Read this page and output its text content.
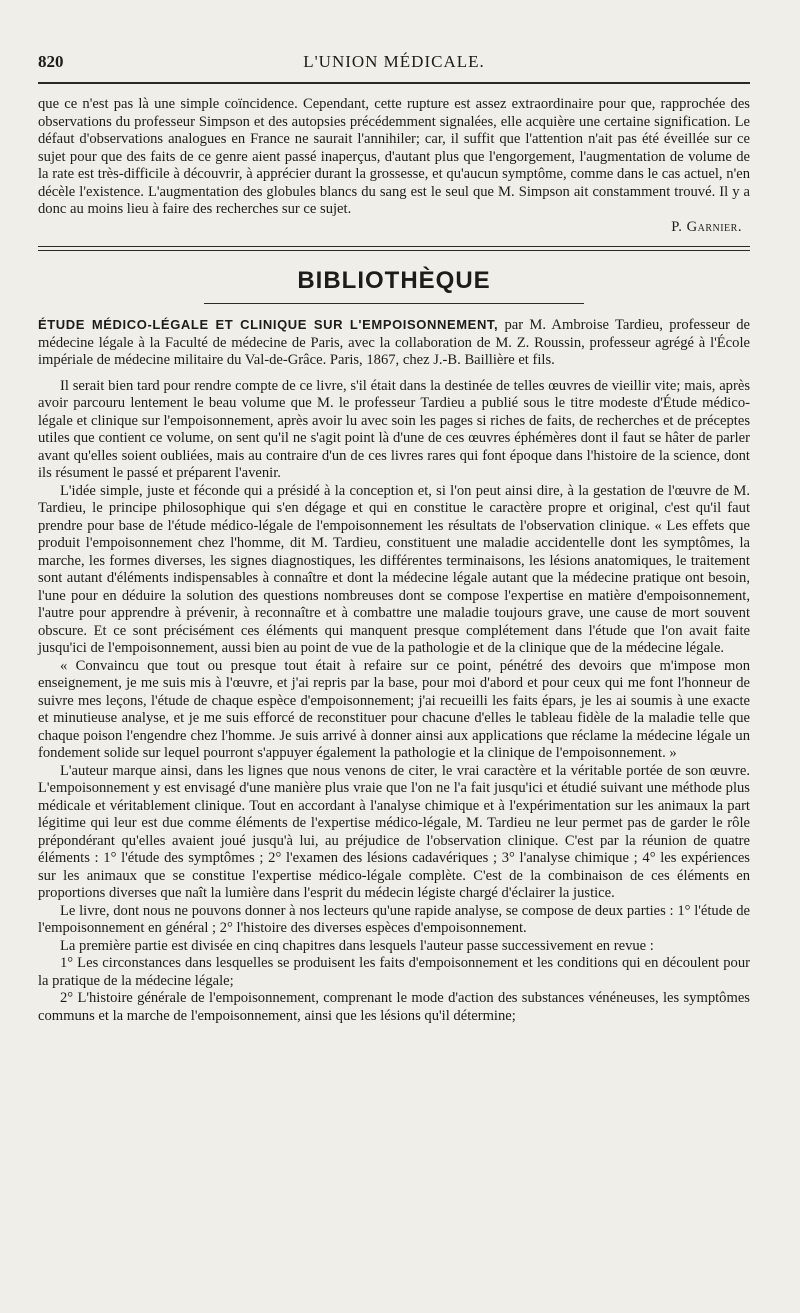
L'UNION MÉDICALE.
820

que ce n'est pas là une simple coïncidence. Cependant, cette rupture est assez extraordinaire pour que, rapprochée des observations du professeur Simpson et des autopsies précédemment signalées, elle acquière une certaine signification. Le défaut d'observations analogues en France ne saurait l'annihiler; car, il suffit que l'attention n'ait pas été éveillée sur ce sujet pour que des faits de ce genre aient passé inaperçus, d'autant plus que l'engorgement, l'augmentation de volume de la rate est très-difficile à découvrir, à apprécier durant la grossesse, et qu'aucun symptôme, comme dans le cas actuel, n'en décèle l'existence. L'augmentation des globules blancs du sang est le seul que M. Simpson ait constamment trouvé. Il y a donc au moins lieu à faire des recherches sur ce sujet.

P. Garnier.

BIBLIOTHÈQUE
ÉTUDE MÉDICO-LÉGALE ET CLINIQUE SUR L'EMPOISONNEMENT, par M. Ambroise Tardieu, professeur de médecine légale à la Faculté de médecine de Paris, avec la collaboration de M. Z. Roussin, professeur agrégé à l'École impériale de médecine militaire du Val-de-Grâce. Paris, 1867, chez J.-B. Baillière et fils.

Il serait bien tard pour rendre compte de ce livre, s'il était dans la destinée de telles œuvres de vieillir vite; mais, après avoir parcouru lentement le beau volume que M. le professeur Tardieu a publié sous le titre modeste d'Étude médico-légale et clinique sur l'empoisonnement, après avoir lu avec soin les pages si riches de faits, de recherches et de préceptes utiles que contient ce volume, on sent qu'il ne s'agit point là d'une de ces œuvres éphémères dont il faut se hâter de parler avant qu'elles soient oubliées, mais au contraire d'un de ces livres rares qui font époque dans l'histoire de la science, dont ils résument le passé et préparent l'avenir.

L'idée simple, juste et féconde qui a présidé à la conception et, si l'on peut ainsi dire, à la gestation de l'œuvre de M. Tardieu, le principe philosophique qui s'en dégage et qui en constitue le caractère propre et original, c'est qu'il faut prendre pour base de l'étude médico-légale de l'empoisonnement les résultats de l'observation clinique. « Les effets que produit l'empoisonnement chez l'homme, dit M. Tardieu, constituent une maladie accidentelle dont les symptômes, la marche, les formes diverses, les signes diagnostiques, les différentes terminaisons, les lésions anatomiques, le traitement sont autant d'éléments indispensables à connaître et dont la médecine légale autant que la médecine pratique ont besoin, l'une pour en déduire la solution des questions nombreuses dont se compose l'expertise en matière d'empoisonnement, l'autre pour apprendre à prévenir, à reconnaître et à combattre une maladie toujours grave, une cause de mort souvent obscure. Et ce sont précisément ces éléments qui manquent presque complétement dans l'étude que l'on avait faite jusqu'ici de l'empoisonnement, aussi bien au point de vue de la pathologie et de la clinique que de la médecine légale.

« Convaincu que tout ou presque tout était à refaire sur ce point, pénétré des devoirs que m'impose mon enseignement, je me suis mis à l'œuvre, et j'ai repris par la base, pour moi d'abord et pour ceux qui me font l'honneur de suivre mes leçons, l'étude de chaque espèce d'empoisonnement; j'ai recueilli les faits épars, je les ai soumis à une exacte et minutieuse analyse, et je me suis efforcé de reconstituer pour chacune d'elles le tableau fidèle de la maladie telle que chaque poison l'engendre chez l'homme. Je suis arrivé à donner ainsi aux applications que réclame la médecine légale un fondement solide sur lequel pourront s'appuyer également la pathologie et la clinique de l'empoisonnement. »

L'auteur marque ainsi, dans les lignes que nous venons de citer, le vrai caractère et la véritable portée de son œuvre. L'empoisonnement y est envisagé d'une manière plus vraie que l'on ne l'a fait jusqu'ici et étudié suivant une méthode plus médicale et véritablement clinique. Tout en accordant à l'analyse chimique et à l'expérimentation sur les animaux la part légitime qui leur est due comme éléments de l'expertise médico-légale, M. Tardieu ne leur permet pas de garder le rôle prépondérant qu'elles avaient joué jusqu'à lui, au préjudice de l'observation clinique. C'est par la réunion de quatre éléments : 1° l'étude des symptômes ; 2° l'examen des lésions cadavériques ; 3° l'analyse chimique ; 4° les expériences sur les animaux que se constitue l'expertise médico-légale complète. C'est de la combinaison de ces éléments en proportions diverses que naît la lumière dans l'esprit du médecin légiste chargé d'éclairer la justice.

Le livre, dont nous ne pouvons donner à nos lecteurs qu'une rapide analyse, se compose de deux parties : 1° l'étude de l'empoisonnement en général ; 2° l'histoire des diverses espèces d'empoisonnement.

La première partie est divisée en cinq chapitres dans lesquels l'auteur passe successivement en revue :

1° Les circonstances dans lesquelles se produisent les faits d'empoisonnement et les conditions qui en découlent pour la pratique de la médecine légale;

2° L'histoire générale de l'empoisonnement, comprenant le mode d'action des substances vénéneuses, les symptômes communs et la marche de l'empoisonnement, ainsi que les lésions qu'il détermine;
